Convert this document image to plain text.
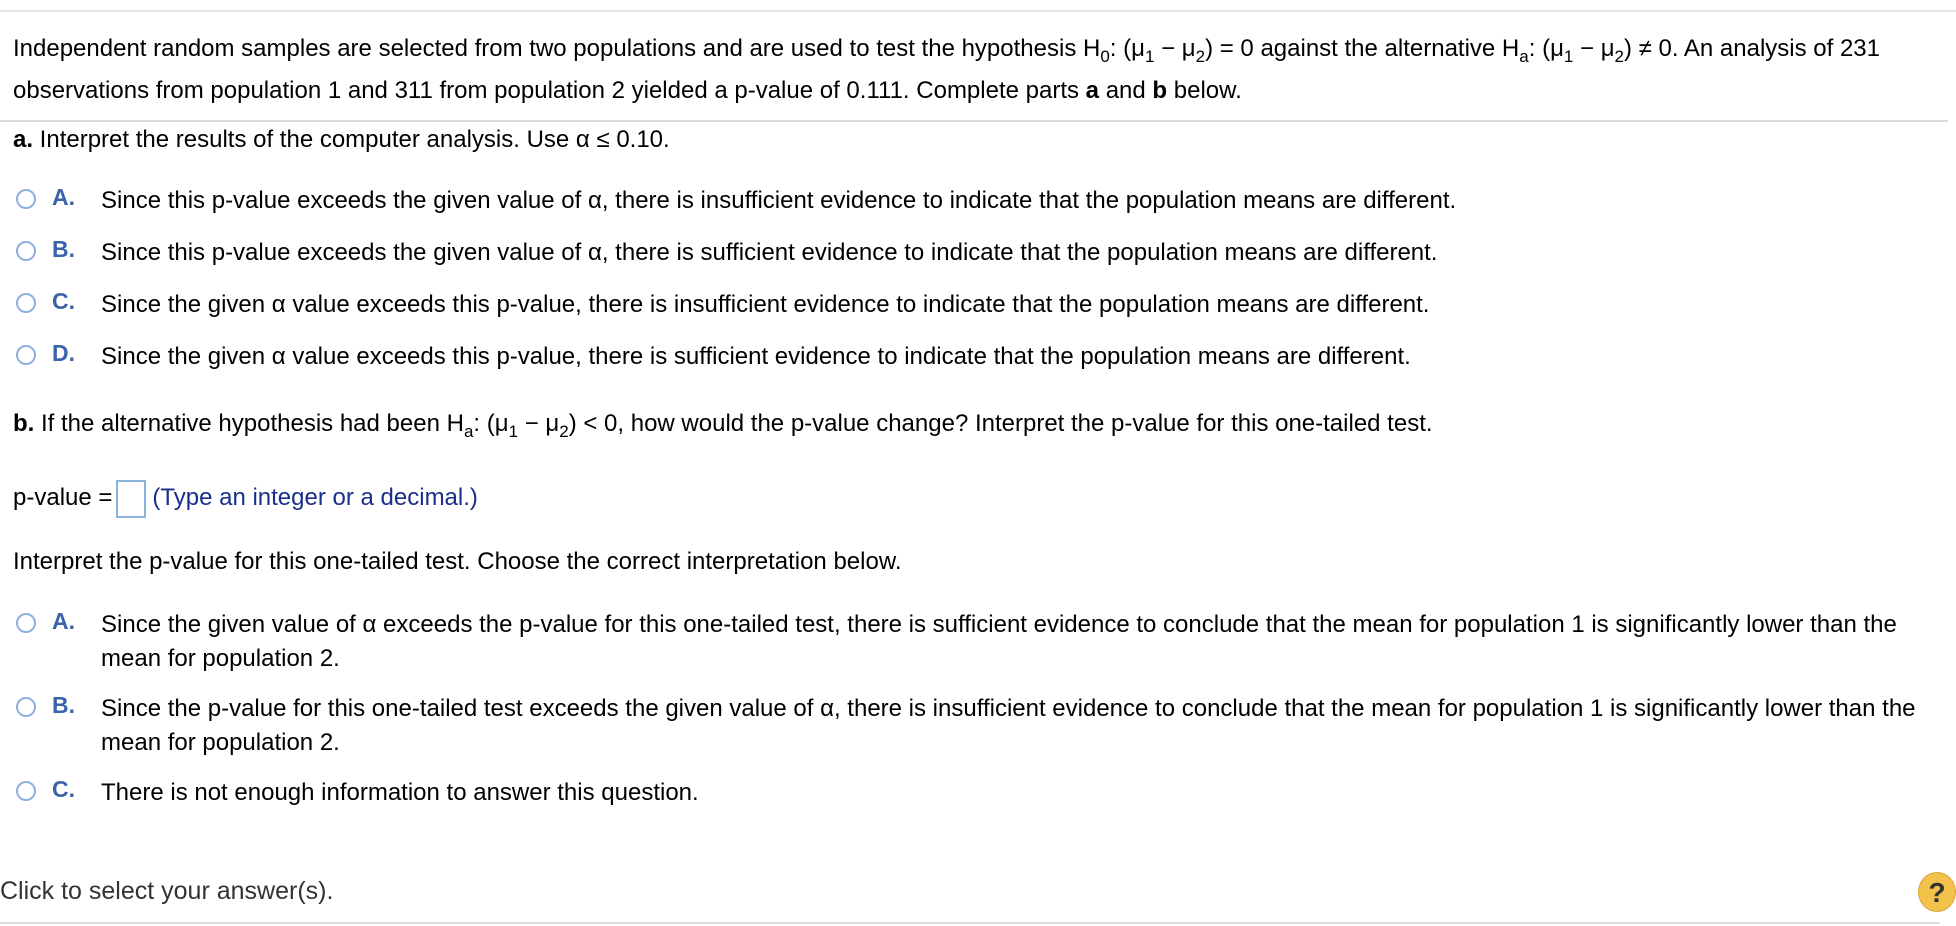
Independent random samples are selected from two populations and are used to test the hypothesis $H_0$: $(\mu_1 - \mu_2) = 0$ against the alternative $H_a$: $(\mu_1 - \mu_2) \ne 0$. An analysis of 231 observations from population 1 and 311 from population 2 yielded a p-value of 0.111. Complete parts a and b below.
a. Interpret the results of the computer analysis. Use α ≤ 0.10.
A. Since this p-value exceeds the given value of α, there is insufficient evidence to indicate that the population means are different.
B. Since this p-value exceeds the given value of α, there is sufficient evidence to indicate that the population means are different.
C. Since the given α value exceeds this p-value, there is insufficient evidence to indicate that the population means are different.
D. Since the given α value exceeds this p-value, there is sufficient evidence to indicate that the population means are different.
b. If the alternative hypothesis had been $H_a$: $(\mu_1 - \mu_2) < 0$, how would the p-value change? Interpret the p-value for this one-tailed test.
p-value = (Type an integer or a decimal.)
Interpret the p-value for this one-tailed test. Choose the correct interpretation below.
A. Since the given value of α exceeds the p-value for this one-tailed test, there is sufficient evidence to conclude that the mean for population 1 is significantly lower than the mean for population 2.
B. Since the p-value for this one-tailed test exceeds the given value of α, there is insufficient evidence to conclude that the mean for population 1 is significantly lower than the mean for population 2.
C. There is not enough information to answer this question.
Click to select your answer(s).	?
